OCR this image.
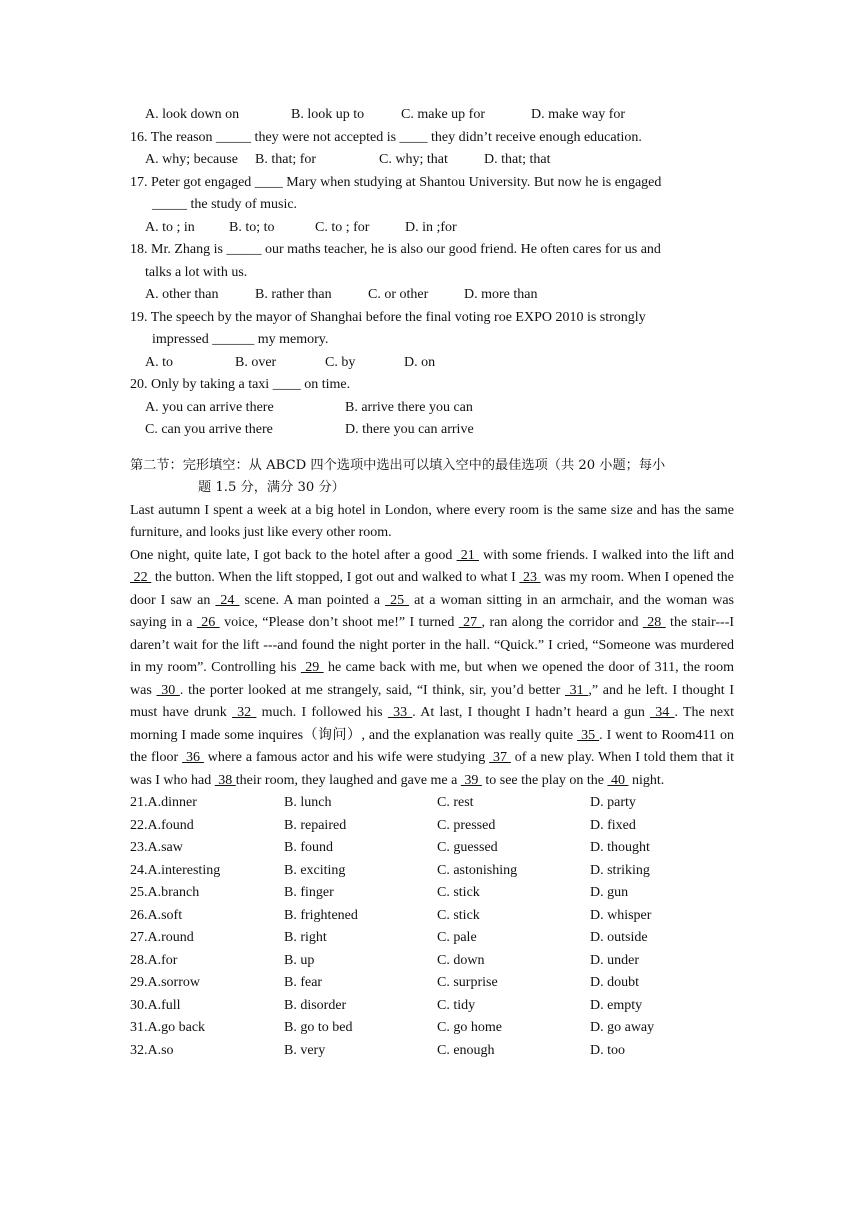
A. look down on	B. look up to	C. make up for	D. make way for
16. The reason _____ they were not accepted is ____ they didn’t receive enough education.
A. why; because	B. that; for	C. why; that	D. that; that
17. Peter got engaged ____ Mary when studying at Shantou University. But now he is engaged
_____ the study of music.
A. to ; in	B. to; to	C. to ; for	D. in ;for
18. Mr. Zhang is _____ our maths teacher, he is also our good friend. He often cares for us and
talks a lot with us.
A. other than	B. rather than	C. or other	D. more than
19. The speech by the mayor of Shanghai before the final voting roe EXPO 2010 is strongly
impressed ______ my memory.
A. to	B. over	C. by	D. on
20. Only by taking a taxi ____ on time.
A. you can arrive there	B. arrive there you can
C. can you arrive there	D. there you can arrive
第二节：完形填空：从 ABCD 四个选项中选出可以填入空中的最佳选项（共 20 小题；每小
题 1.5 分，满分 30 分）
Last autumn I spent a week at a big hotel in London, where every room is the same size and has the same furniture, and looks just like every other room.
One night, quite late, I got back to the hotel after a good  21  with some friends. I walked into the lift and  22  the button. When the lift stopped, I got out and walked to what I  23  was my room. When I opened the door I saw an  24  scene. A man pointed a  25  at a woman sitting in an armchair, and the woman was saying in a  26  voice, “Please don’t shoot me!” I turned  27 , ran along the corridor and  28  the stair---I daren’t wait for the lift ---and found the night porter in the hall. “Quick.” I cried, “Someone was murdered in my room”. Controlling his  29  he came back with me, but when we opened the door of 311, the room was  30 . the porter looked at me strangely, said, “I think, sir, you’d better  31 ,” and he left. I thought I must have drunk  32  much. I followed his  33 . At last, I thought I hadn’t heard a gun  34 . The next morning I made some inquires（询问）, and the explanation was really quite  35 . I went to Room411 on the floor  36  where a famous actor and his wife were studying  37  of a new play. When I told them that it was I who had  38 their room, they laughed and gave me a  39  to see the play on the  40  night.
21.A.dinner	B. lunch	C. rest	D. party
22.A.found	B. repaired	C. pressed	D. fixed
23.A.saw	B. found	C. guessed	D. thought
24.A.interesting	B. exciting	C. astonishing	D. striking
25.A.branch	B. finger	C. stick	D. gun
26.A.soft	B. frightened	C. stick	D. whisper
27.A.round	B. right	C. pale	D. outside
28.A.for	B. up	C. down	D. under
29.A.sorrow	B. fear	C. surprise	D. doubt
30.A.full	B. disorder	C. tidy	D. empty
31.A.go back	B. go to bed	C. go home	D. go away
32.A.so	B. very	C. enough	D. too
